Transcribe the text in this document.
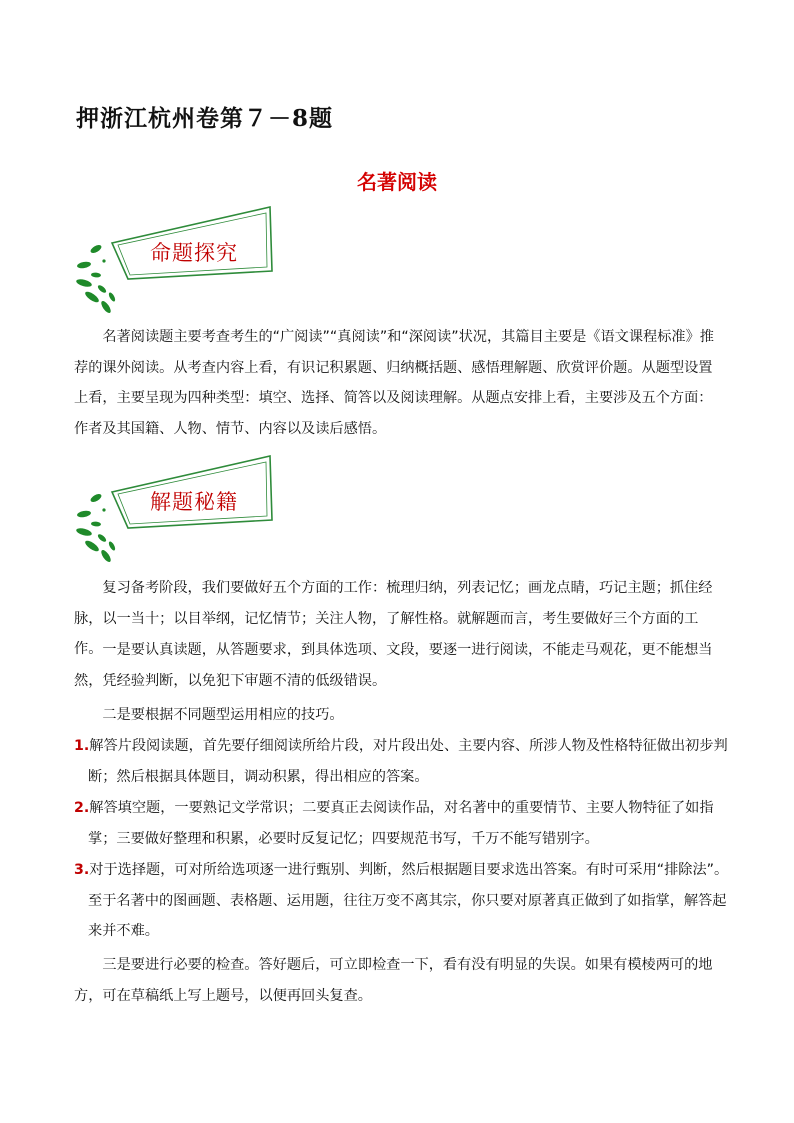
押浙江杭州卷第７－8题
名著阅读
命题探究

名著阅读题主要考查考生的“广阅读”“真阅读”和“深阅读”状况，其篇目主要是《语文课程标准》推荐的课外阅读。从考查内容上看，有识记积累题、归纳概括题、感悟理解题、欣赏评价题。从题型设置上看，主要呈现为四种类型：填空、选择、简答以及阅读理解。从题点安排上看，主要涉及五个方面：作者及其国籍、人物、情节、内容以及读后感悟。

解题秘籍

复习备考阶段，我们要做好五个方面的工作：梳理归纳，列表记忆；画龙点睛，巧记主题；抓住经脉，以一当十；以目举纲，记忆情节；关注人物，了解性格。就解题而言，考生要做好三个方面的工作。 一是要认真读题，从答题要求，到具体选项、文段，要逐一进行阅读，不能走马观花，更不能想当然，凭经验判断，以免犯下审题不清的低级错误。

二是要根据不同题型运用相应的技巧。

1.解答片段阅读题，首先要仔细阅读所给片段，对片段出处、主要内容、所涉人物及性格特征做出初步判断；然后根据具体题目，调动积累，得出相应的答案。
2.解答填空题，一要熟记文学常识；二要真正去阅读作品，对名著中的重要情节、主要人物特征了如指掌；三要做好整理和积累，必要时反复记忆；四要规范书写，千万不能写错别字。
3.对于选择题，可对所给选项逐一进行甄别、判断，然后根据题目要求选出答案。有时可采用“排除法”。至于名著中的图画题、表格题、运用题，往往万变不离其宗，你只要对原著真正做到了如指掌，解答起来并不难。

三是要进行必要的检查。答好题后，可立即检查一下，看有没有明显的失误。如果有模棱两可的地方，可在草稿纸上写上题号，以便再回头复查。
